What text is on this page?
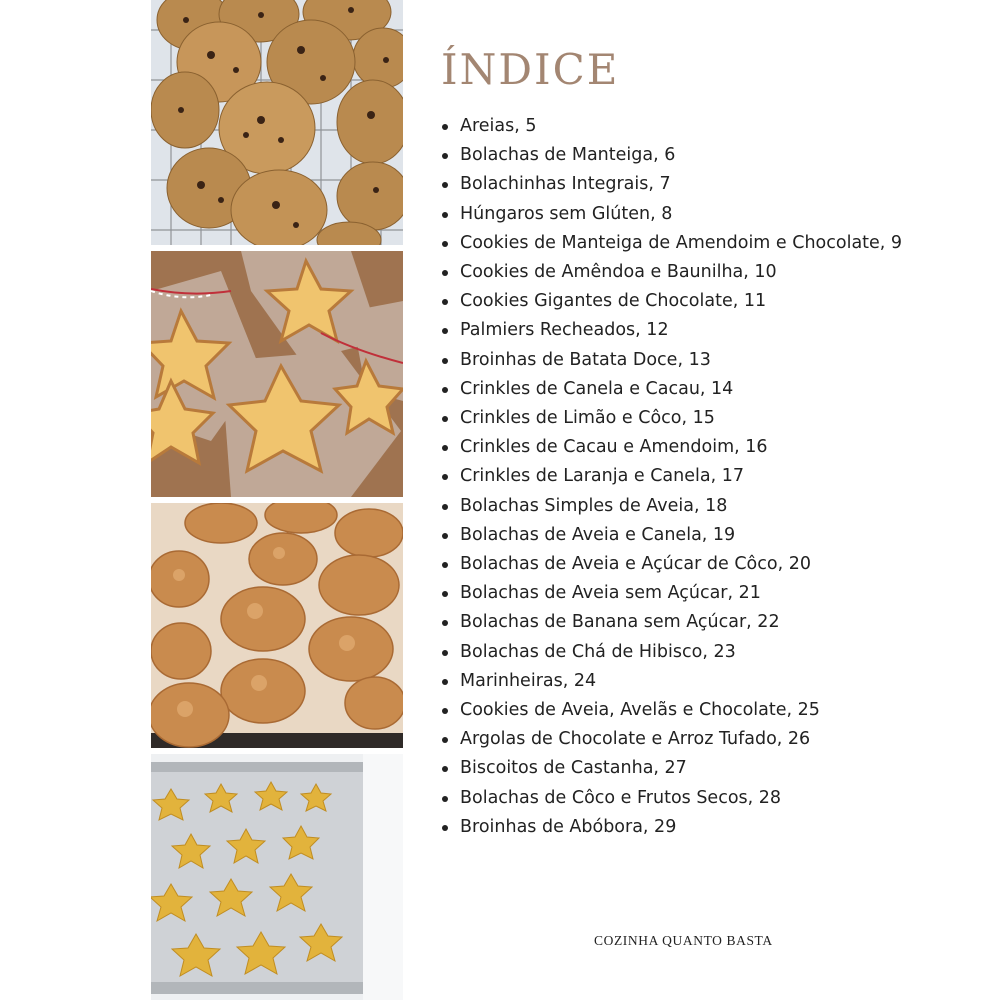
ÍNDICE
Areias, 5
Bolachas de Manteiga, 6
Bolachinhas Integrais, 7
Húngaros sem Glúten, 8
Cookies de Manteiga de Amendoim e Chocolate, 9
Cookies de Amêndoa e Baunilha, 10
Cookies Gigantes de Chocolate, 11
Palmiers Recheados, 12
Broinhas de Batata Doce, 13
Crinkles de Canela e Cacau, 14
Crinkles de Limão e Côco, 15
Crinkles de Cacau e Amendoim, 16
Crinkles de Laranja e Canela, 17
Bolachas Simples de Aveia, 18
Bolachas de Aveia e Canela, 19
Bolachas de Aveia e Açúcar de Côco, 20
Bolachas de Aveia sem Açúcar, 21
Bolachas de Banana sem Açúcar, 22
Bolachas de Chá de Hibisco, 23
Marinheiras, 24
Cookies de Aveia, Avelãs e Chocolate, 25
Argolas de Chocolate e Arroz Tufado, 26
Biscoitos de Castanha, 27
Bolachas de Côco e Frutos Secos, 28
Broinhas de Abóbora, 29
COZINHA QUANTO BASTA
